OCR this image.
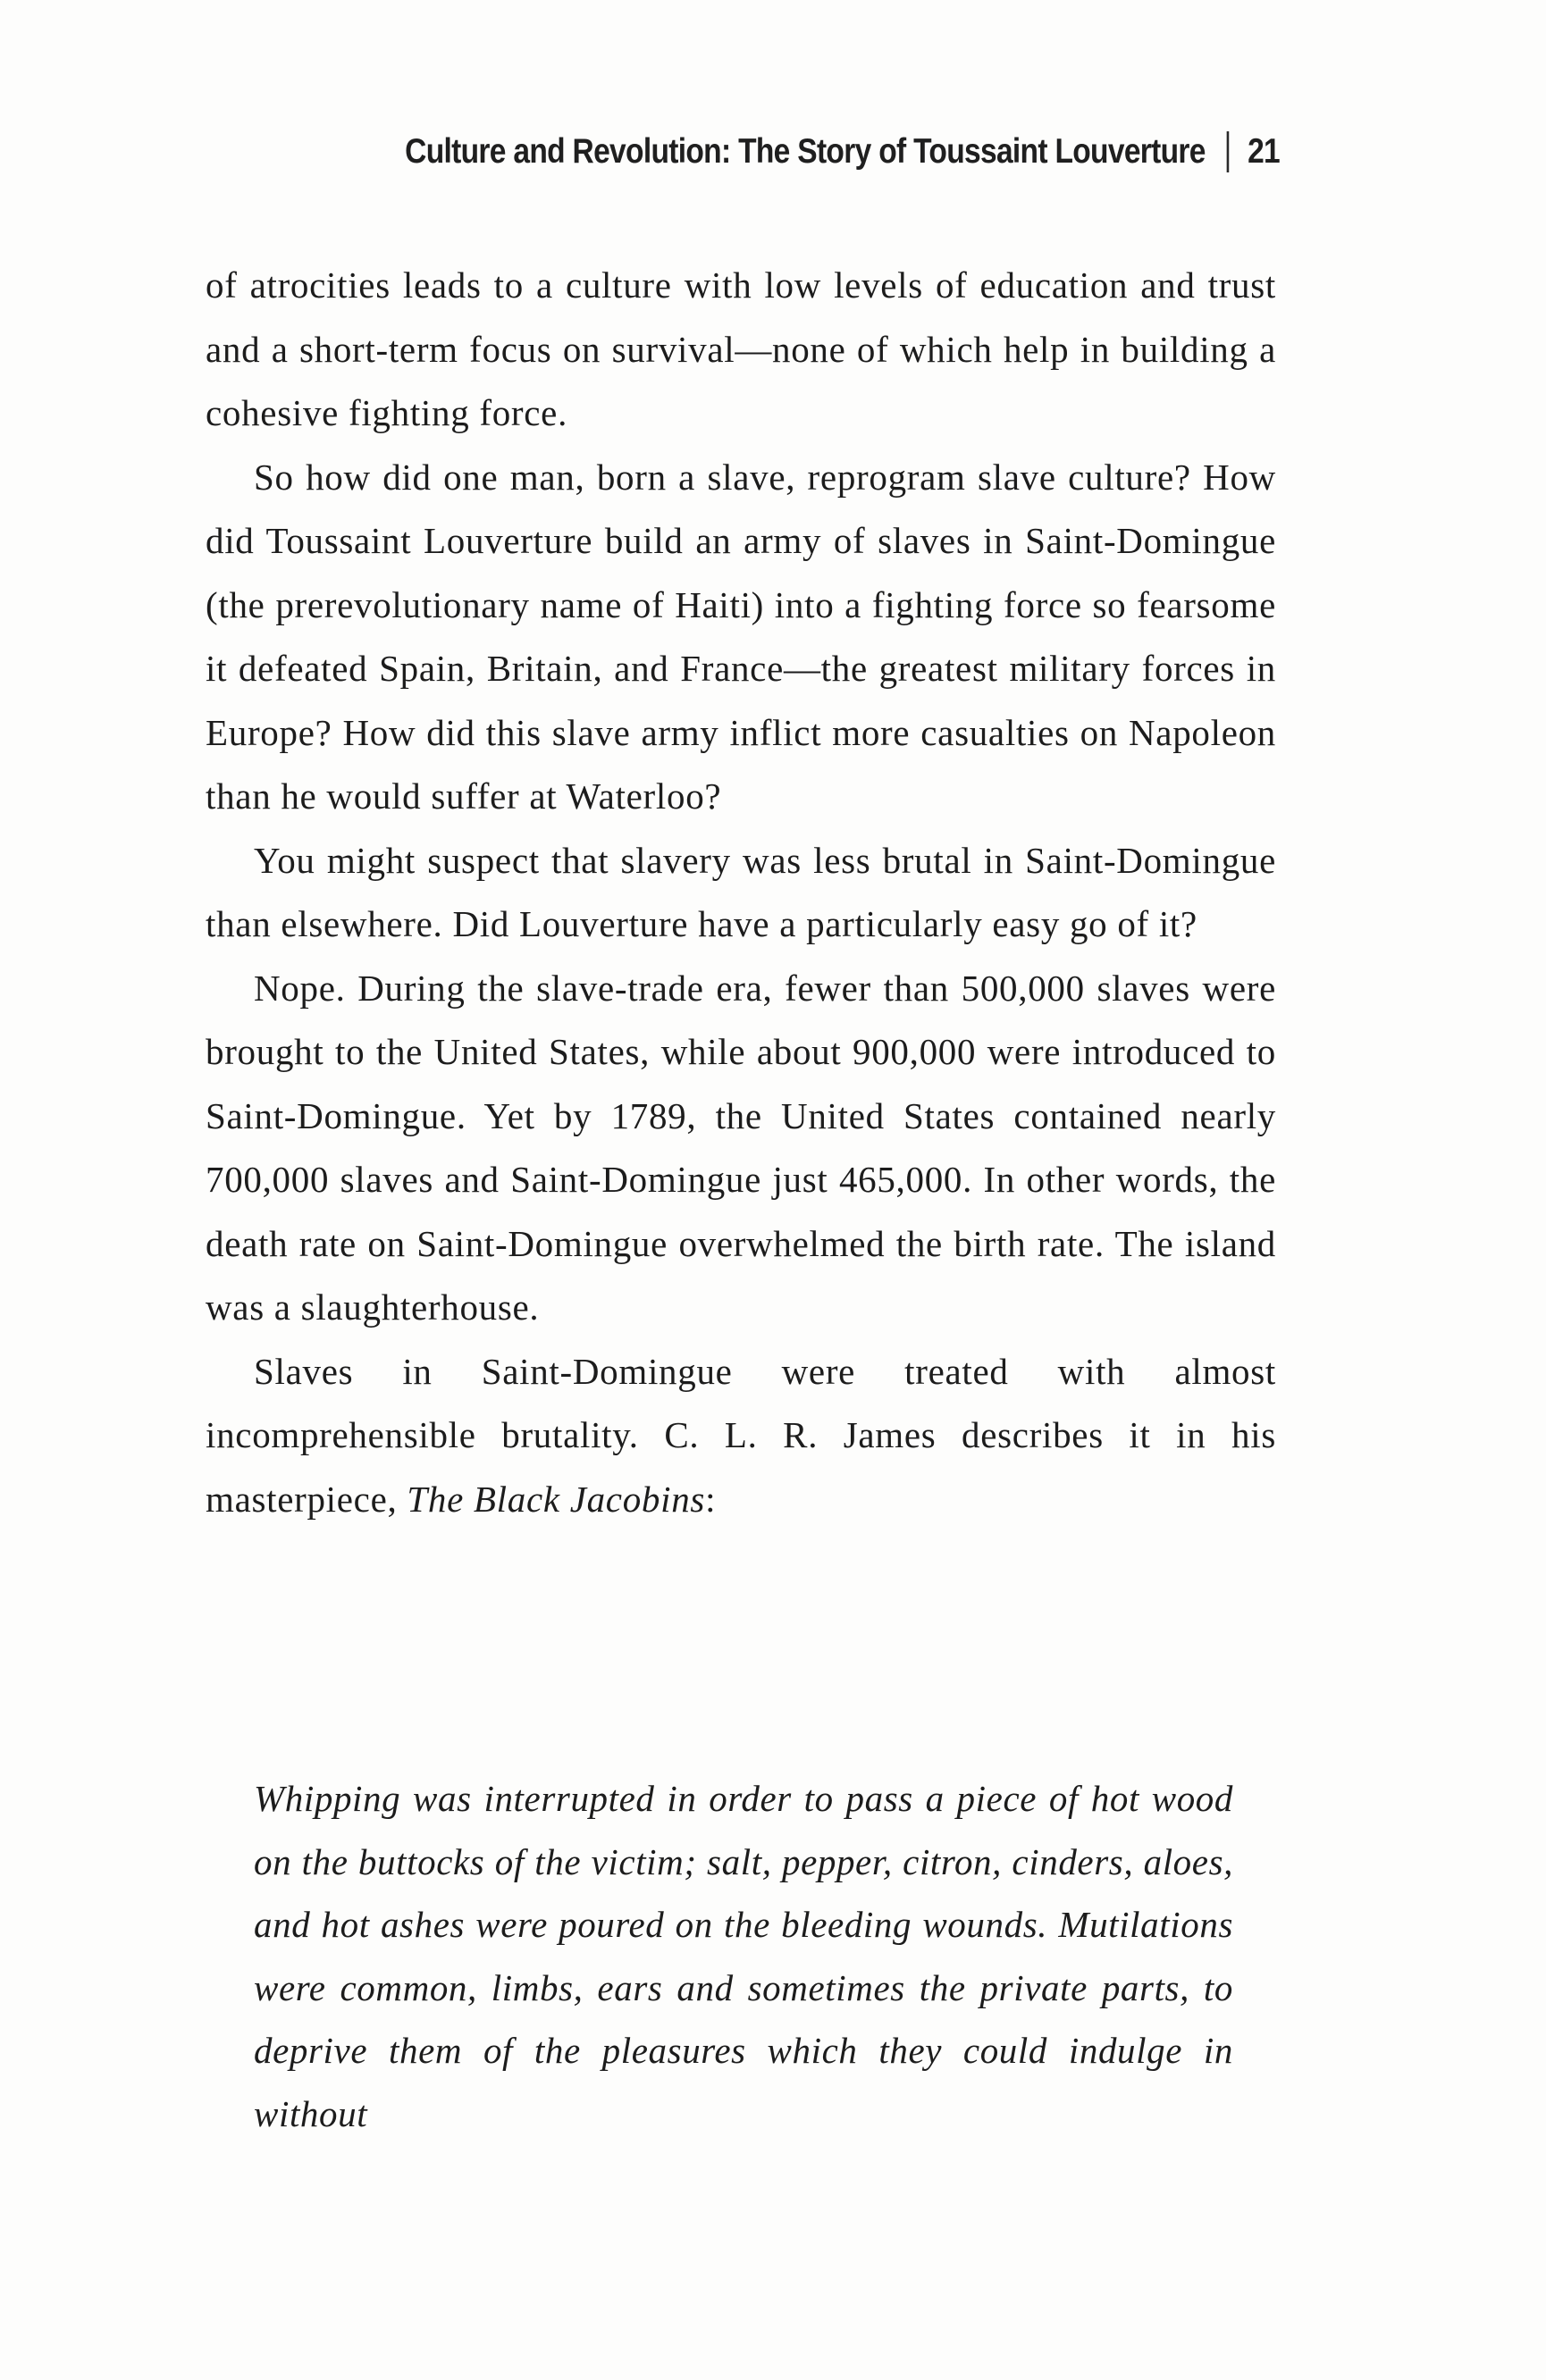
Culture and Revolution: The Story of Toussaint Louverture 21

of atrocities leads to a culture with low levels of education and trust and a short-term focus on survival—none of which help in building a cohesive fighting force.

So how did one man, born a slave, reprogram slave culture? How did Toussaint Louverture build an army of slaves in Saint-Domingue (the prerevolutionary name of Haiti) into a fighting force so fearsome it defeated Spain, Britain, and France—the greatest military forces in Europe? How did this slave army inflict more casualties on Napoleon than he would suffer at Waterloo?

You might suspect that slavery was less brutal in Saint-Domingue than elsewhere. Did Louverture have a particularly easy go of it?

Nope. During the slave-trade era, fewer than 500,000 slaves were brought to the United States, while about 900,000 were introduced to Saint-Domingue. Yet by 1789, the United States contained nearly 700,000 slaves and Saint-Domingue just 465,000. In other words, the death rate on Saint-Domingue overwhelmed the birth rate. The island was a slaughterhouse.

Slaves in Saint-Domingue were treated with almost incomprehensible brutality. C. L. R. James describes it in his masterpiece, The Black Jacobins:

Whipping was interrupted in order to pass a piece of hot wood on the buttocks of the victim; salt, pepper, citron, cinders, aloes, and hot ashes were poured on the bleeding wounds. Mutilations were common, limbs, ears and sometimes the private parts, to deprive them of the pleasures which they could indulge in without
